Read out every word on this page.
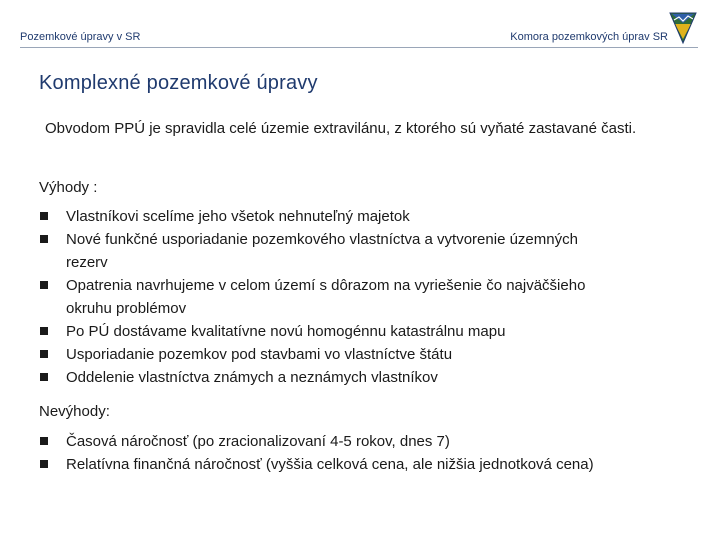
Pozemkové úpravy v SR	Komora pozemkových úprav SR
Komplexné pozemkové úpravy
Obvodom PPÚ je spravidla celé územie extravilánu, z ktorého sú vyňaté zastavané časti.
Výhody :
Vlastníkovi scelíme jeho všetok nehnuteľný majetok
Nové funkčné usporiadanie pozemkového vlastníctva a vytvorenie územných rezerv
Opatrenia navrhujeme v celom území s dôrazom na vyriešenie čo najväčšieho okruhu problémov
Po PÚ dostávame kvalitatívne novú homogénnu katastrálnu mapu
Usporiadanie pozemkov pod stavbami vo vlastníctve štátu
Oddelenie vlastníctva známych a neznámych vlastníkov
Nevýhody:
Časová náročnosť (po zracionalizovaní 4-5 rokov, dnes 7)
Relatívna finančná náročnosť (vyššia celková cena, ale nižšia jednotková cena)
